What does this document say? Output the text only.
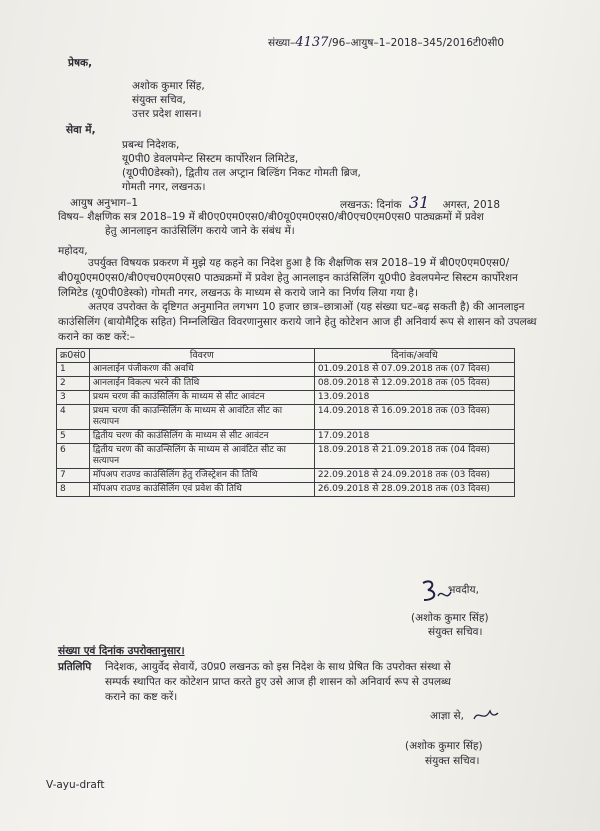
संख्या–4137/96–आयुष–1–2018–345/2016टी0सी0
प्रेषक,
अशोक कुमार सिंह,
संयुक्त सचिव,
उत्तर प्रदेश शासन।
सेवा में,
प्रबन्ध निदेशक,
यू0पी0 डेवलपमेन्ट सिस्टम कार्पोरेशन लिमिटेड,
(यू0पी0डेस्को), द्वितीय तल अप्ट्रान बिल्डिंग निकट गोमती ब्रिज,
गोमती नगर, लखनऊ।
आयुष अनुभाग–1	लखनऊ: दिनांक 31 अगस्त, 2018
विषय– शैक्षणिक सत्र 2018–19 में बी0ए0एम0एस0/बी0यू0एम0एस0/बी0एच0एम0एस0 पाठ्यक्रमों में प्रवेश
हेतु आनलाइन काउंसिलिंग कराये जाने के संबंध में।
महोदय,
उपर्युक्त विषयक प्रकरण में मुझे यह कहने का निदेश हुआ है कि शैक्षणिक सत्र 2018–19 में बी0ए0एम0एस0/बी0यू0एम0एस0/बी0एच0एम0एस0 पाठ्यक्रमों में प्रवेश हेतु आनलाइन काउंसिलिंग यू0पी0 डेवलपमेन्ट सिस्टम कार्पोरेशन लिमिटेड (यू0पी0डेस्को) गोमती नगर, लखनऊ के माध्यम से कराये जाने का निर्णय लिया गया है।
अतएव उपरोक्त के दृष्टिगत अनुमानित लगभग 10 हजार छात्र–छात्राओं (यह संख्या घट–बढ़ सकती है) की आनलाइन काउंसिलिंग (बायोमैट्रिक सहित) निम्नलिखित विवरणानुसार कराये जाने हेतु कोटेशन आज ही अनिवार्य रूप से शासन को उपलब्ध कराने का कष्ट करें:–
क्र0सं0	विवरण	दिनांक/अवधि
1	आनलाईन पंजीकरण की अवधि	01.09.2018 से 07.09.2018 तक (07 दिवस)
2	आनलाईन विकल्प भरने की तिथि	08.09.2018 से 12.09.2018 तक (05 दिवस)
3	प्रथम चरण की काउंसिलिंग के माध्यम से सीट आवंटन	13.09.2018
4	प्रथम चरण की काउन्सिलिंग के माध्यम से आवंटित सीट का सत्यापन	14.09.2018 से 16.09.2018 तक (03 दिवस)
5	द्वितीय चरण की काउंसिलिंग के माध्यम से सीट आवंटन	17.09.2018
6	द्वितीय चरण की काउन्सिलिंग के माध्यम से आवंटित सीट का सत्यापन	18.09.2018 से 21.09.2018 तक (04 दिवस)
7	मॉपअप राउण्ड काउंसिलिंग हेतु रजिस्ट्रेशन की तिथि	22.09.2018 से 24.09.2018 तक (03 दिवस)
8	मॉपअप राउण्ड काउंसिलिंग एवं प्रवेश की तिथि	26.09.2018 से 28.09.2018 तक (03 दिवस)
भवदीय,
(अशोक कुमार सिंह)
संयुक्त सचिव।
संख्या एवं दिनांक उपरोक्तानुसार।
प्रतिलिपि निदेशक, आयुर्वेद सेवायें, उ0प्र0 लखनऊ को इस निदेश के साथ प्रेषित कि उपरोक्त संस्था से
सम्पर्क स्थापित कर कोटेशन प्राप्त करते हुए उसे आज ही शासन को अनिवार्य रूप से उपलब्ध
कराने का कष्ट करें।
आज्ञा से,
(अशोक कुमार सिंह)
संयुक्त सचिव।
V-ayu-draft
